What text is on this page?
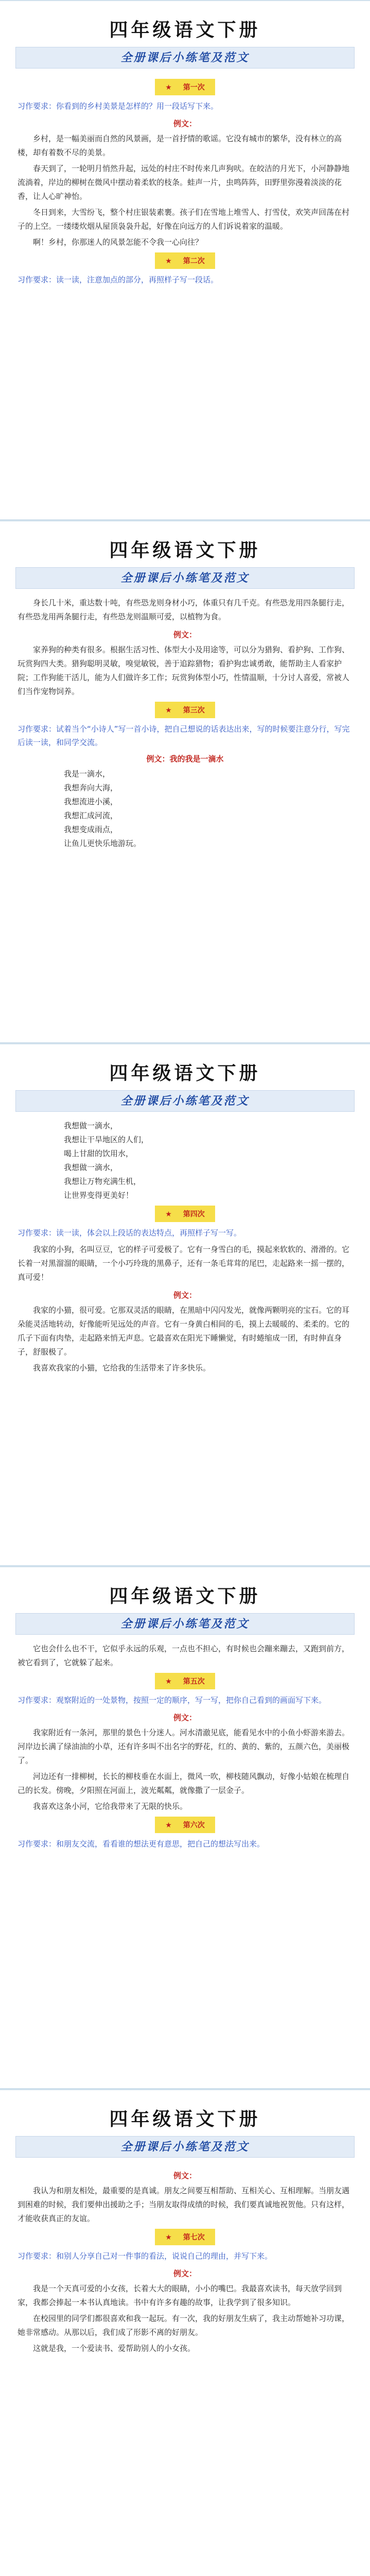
四年级语文下册
全册课后小练笔及范文
★ 第一次
习作要求：你看到的乡村美景是怎样的？用一段话写下来。
例文：

乡村，是一幅美丽而自然的风景画，是一首抒情的歌谣。它没有城市的繁华，没有林立的高楼，却有着数不尽的美景。

春天到了，一轮明月悄然升起，远处的村庄不时传来几声狗吠。在皎洁的月光下，小河静静地流淌着，岸边的柳树在微风中摆动着柔软的枝条。蛙声一片，虫鸣阵阵，田野里弥漫着淡淡的花香，让人心旷神怡。

冬日到来，大雪纷飞，整个村庄银装素裹。孩子们在雪地上堆雪人、打雪仗，欢笑声回荡在村子的上空。一缕缕炊烟从屋顶袅袅升起，好像在向远方的人们诉说着家的温暖。

啊！乡村，你那迷人的风景怎能不令我一心向往？

★ 第二次
习作要求：读一读，注意加点的部分，再照样子写一段话。
四年级语文下册
全册课后小练笔及范文

身长几十米，重达数十吨，有些恐龙则身材小巧，体重只有几千克。有些恐龙用四条腿行走，有些恐龙用两条腿行走，有些恐龙则温顺可爱，以植物为食。

例文：

家养狗的种类有很多。根据生活习性、体型大小及用途等，可以分为猎狗、看护狗、工作狗、玩赏狗四大类。猎狗聪明灵敏，嗅觉敏锐，善于追踪猎物；看护狗忠诚勇敢，能帮助主人看家护院；工作狗能干活儿，能为人们做许多工作；玩赏狗体型小巧，性情温顺，十分讨人喜爱，常被人们当作宠物饲养。

★ 第三次
习作要求：试着当个“小诗人”写一首小诗，把自己想说的话表达出来，写的时候要注意分行，写完后读一读，和同学交流。
例文：我的我是一滴水
我是一滴水，
我想奔向大海，
我想流进小溪，
我想汇成河流，
我想变成雨点，
让鱼儿更快乐地游玩。
四年级语文下册
全册课后小练笔及范文
我想做一滴水，
我想让干旱地区的人们，
喝上甘甜的饮用水，
我想做一滴水，
我想让万物充满生机，
让世界变得更美好！
★ 第四次
习作要求：读一读，体会以上段话的表达特点，再照样子写一写。

我家的小狗，名叫豆豆，它的样子可爱极了。它有一身雪白的毛，摸起来软软的、滑滑的。它长着一对黑溜溜的眼睛，一个小巧玲珑的黑鼻子，还有一条毛茸茸的尾巴，走起路来一摇一摆的，真可爱！

例文：

我家的小猫，很可爱。它那双灵活的眼睛，在黑暗中闪闪发光，就像两颗明亮的宝石。它的耳朵能灵活地转动，好像能听见远处的声音。它有一身黄白相间的毛，摸上去暖暖的、柔柔的。它的爪子下面有肉垫，走起路来悄无声息。它最喜欢在阳光下睡懒觉，有时蜷缩成一团，有时伸直身子，舒服极了。

我喜欢我家的小猫，它给我的生活带来了许多快乐。

四年级语文下册
全册课后小练笔及范文

它也会什么也不干，它似乎永远的乐观，一点也不担心，有时候也会蹦来蹦去，又跑到前方，被它看到了，它就躲了起来。

★ 第五次
习作要求：观察附近的一处景物，按照一定的顺序，写一写，把你自己看到的画面写下来。
例文：

我家附近有一条河，那里的景色十分迷人。河水清澈见底，能看见水中的小鱼小虾游来游去。河岸边长满了绿油油的小草，还有许多叫不出名字的野花，红的、黄的、紫的，五颜六色，美丽极了。

河边还有一排柳树，长长的柳枝垂在水面上，微风一吹，柳枝随风飘动，好像小姑娘在梳理自己的长发。傍晚，夕阳照在河面上，波光粼粼，就像撒了一层金子。

我喜欢这条小河，它给我带来了无限的快乐。

★ 第六次
习作要求：和朋友交流，看看谁的想法更有意思，把自己的想法写出来。
四年级语文下册
全册课后小练笔及范文
例文：

我认为和朋友相处，最重要的是真诚。朋友之间要互相帮助、互相关心、互相理解。当朋友遇到困难的时候，我们要伸出援助之手；当朋友取得成绩的时候，我们要真诚地祝贺他。只有这样，才能收获真正的友谊。

★ 第七次
习作要求：和别人分享自己对一件事的看法，说说自己的理由，并写下来。
例文：

我是一个天真可爱的小女孩，长着大大的眼睛，小小的嘴巴。我最喜欢读书，每天放学回到家，我都会捧起一本书认真地读。书中有许多有趣的故事，让我学到了很多知识。

在校园里的同学们都很喜欢和我一起玩。有一次，我的好朋友生病了，我主动帮她补习功课，她非常感动。从那以后，我们成了形影不离的好朋友。

这就是我，一个爱读书、爱帮助别人的小女孩。
